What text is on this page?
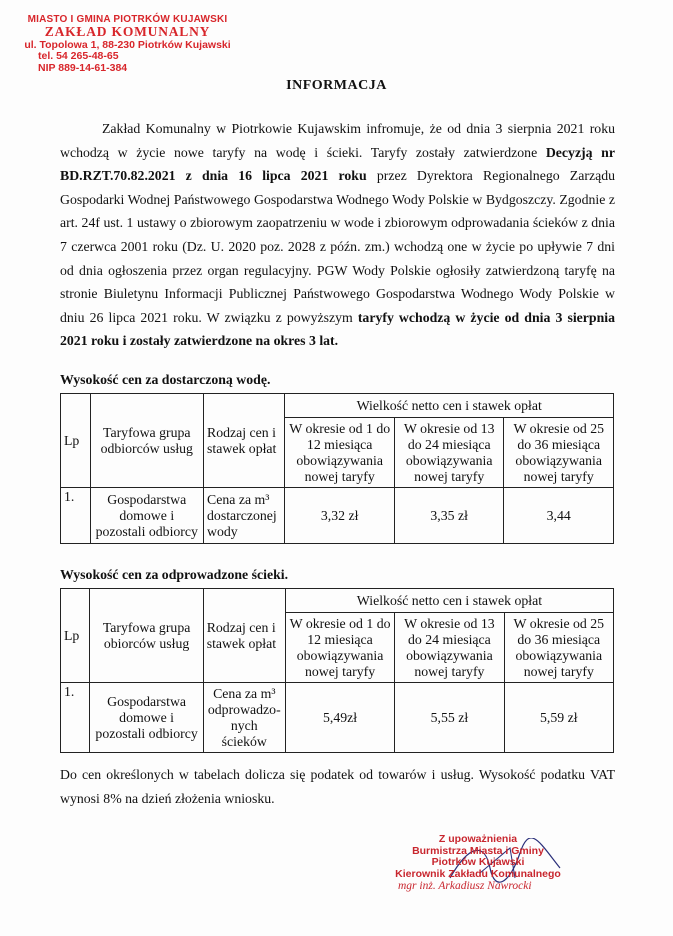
MIASTO I GMINA PIOTRKÓW KUJAWSKI
ZAKŁAD KOMUNALNY
ul. Topolowa 1, 88-230 Piotrków Kujawski
tel. 54 265-48-65
NIP 889-14-61-384
INFORMACJA

Zakład Komunalny w Piotrkowie Kujawskim infromuje, że od dnia 3 sierpnia 2021 roku wchodzą w życie nowe taryfy na wodę i ścieki. Taryfy zostały zatwierdzone Decyzją nr BD.RZT.70.82.2021 z dnia 16 lipca 2021 roku przez Dyrektora Regionalnego Zarządu Gospodarki Wodnej Państwowego Gospodarstwa Wodnego Wody Polskie w Bydgoszczy. Zgodnie z art. 24f ust. 1 ustawy o zbiorowym zaopatrzeniu w wode i zbiorowym odprowadania ścieków z dnia 7 czerwca 2001 roku (Dz. U. 2020 poz. 2028 z późn. zm.) wchodzą one w życie po upływie 7 dni od dnia ogłoszenia przez organ regulacyjny. PGW Wody Polskie ogłosiły zatwierdzoną taryfę na stronie Biuletynu Informacji Publicznej Państwowego Gospodarstwa Wodnego Wody Polskie w dniu 26 lipca 2021 roku. W związku z powyższym taryfy wchodzą w życie od dnia 3 sierpnia 2021 roku i zostały zatwierdzone na okres 3 lat.

Wysokość cen za dostarczoną wodę.
Lp	Taryfowa grupa odbiorców usług	Rodzaj cen i stawek opłat	Wielkość netto cen i stawek opłat		
			W okresie od 1 do 12 miesiąca obowiązywania nowej taryfy	W okresie od 13 do 24 miesiąca obowiązywania nowej taryfy	W okresie od 25 do 36 miesiąca obowiązywania nowej taryfy
1.	Gospodarstwa domowe i pozostali odbiorcy	Cena za m³ dostarczonej wody	3,32 zł	3,35 zł	3,44
Wysokość cen za odprowadzone ścieki.
Lp	Taryfowa grupa obiorców usług	Rodzaj cen i stawek opłat	Wielkość netto cen i stawek opłat		
			W okresie od 1 do 12 miesiąca obowiązywania nowej taryfy	W okresie od 13 do 24 miesiąca obowiązywania nowej taryfy	W okresie od 25 do 36 miesiąca obowiązywania nowej taryfy
1.	Gospodarstwa domowe i pozostali odbiorcy	Cena za m³ odprowadzo-nych ścieków	5,49zł	5,55 zł	5,59 zł
Do cen określonych w tabelach dolicza się podatek od towarów i usług. Wysokość podatku VAT wynosi 8% na dzień złożenia wniosku.
Z upoważnienia
Burmistrza Miasta i Gminy
Piotrków Kujawski
Kierownik Zakładu Komunalnego
mgr inż. Arkadiusz Nawrocki
